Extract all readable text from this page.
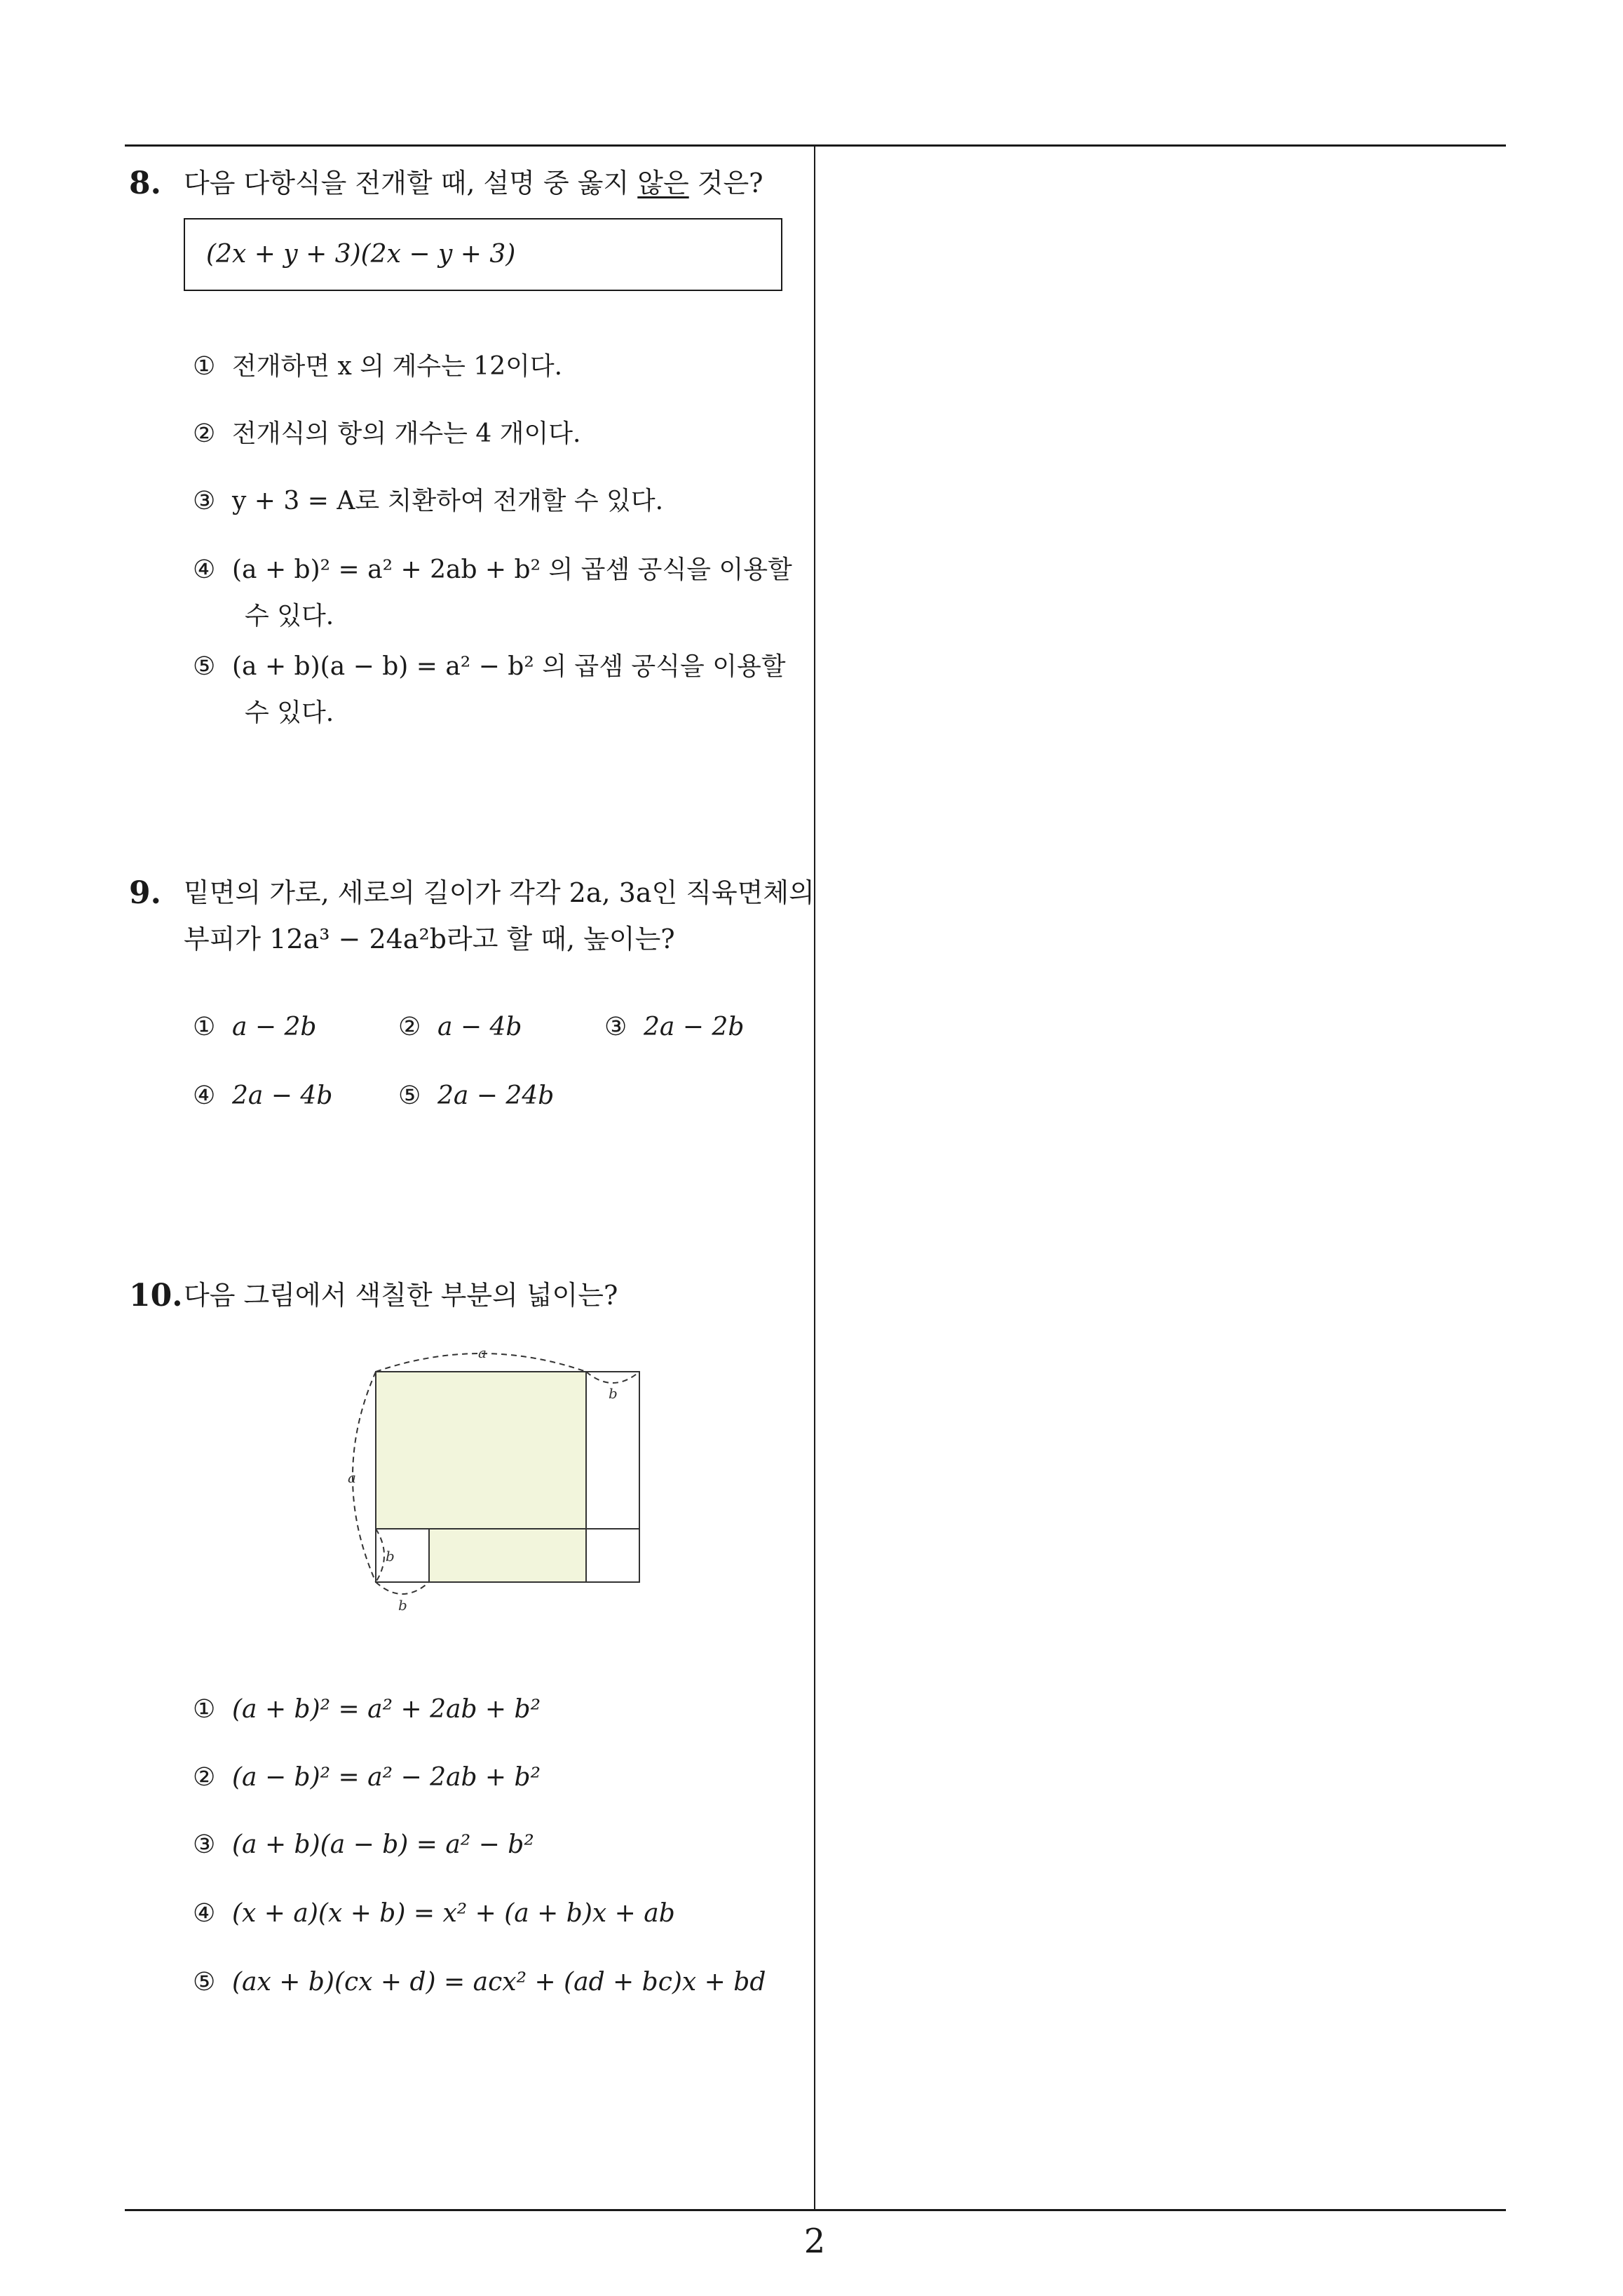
8. 다음 다항식을 전개할 때, 설명 중 옳지 않은 것은?
(2x + y + 3)(2x − y + 3)
① 전개하면 x 의 계수는 12이다.
② 전개식의 항의 개수는 4 개이다.
③ y + 3 = A로 치환하여 전개할 수 있다.
④ (a + b)² = a² + 2ab + b² 의 곱셈 공식을 이용할
수 있다.
⑤ (a + b)(a − b) = a² − b² 의 곱셈 공식을 이용할
수 있다.
9. 밑면의 가로, 세로의 길이가 각각 2a, 3a인 직육면체의
부피가 12a³ − 24a²b라고 할 때, 높이는?
① a − 2b	② a − 4b	③ 2a − 2b
④ 2a − 4b	⑤ 2a − 24b
10. 다음 그림에서 색칠한 부분의 넓이는?
a
b
a
b
b
① (a + b)² = a² + 2ab + b²
② (a − b)² = a² − 2ab + b²
③ (a + b)(a − b) = a² − b²
④ (x + a)(x + b) = x² + (a + b)x + ab
⑤ (ax + b)(cx + d) = acx² + (ad + bc)x + bd
2
